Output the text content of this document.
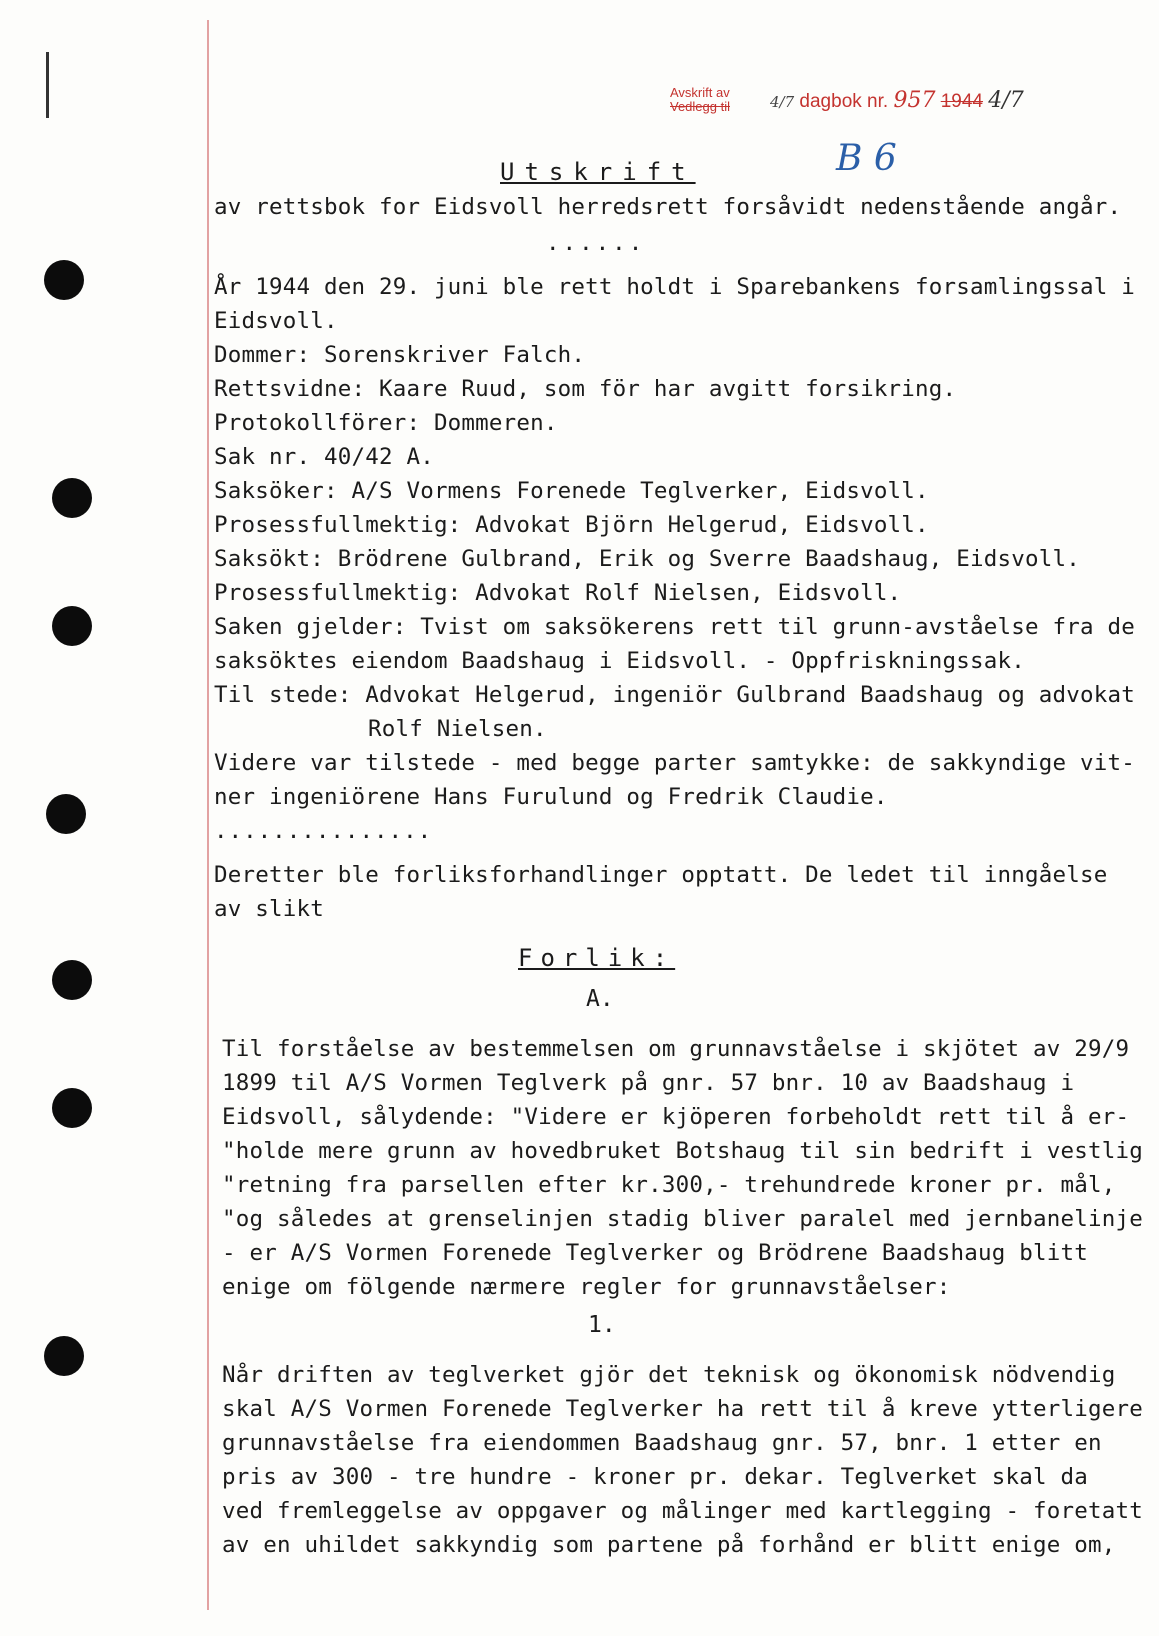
Avskrift av
Vedlegg til	4/7 dagbok nr. 957 1944 4/7
B 6
Utskrift
av rettsbok for Eidsvoll herredsrett forsåvidt nedenstående angår.
......
År 1944 den 29. juni ble rett holdt i Sparebankens forsamlingssal i
Eidsvoll.
Dommer: Sorenskriver Falch.
Rettsvidne: Kaare Ruud, som för har avgitt forsikring.
Protokollförer: Dommeren.
Sak nr. 40/42 A.
Saksöker: A/S Vormens Forenede Teglverker, Eidsvoll.
Prosessfullmektig: Advokat Björn Helgerud, Eidsvoll.
Saksökt: Brödrene Gulbrand, Erik og Sverre Baadshaug, Eidsvoll.
Prosessfullmektig: Advokat Rolf Nielsen, Eidsvoll.
Saken gjelder: Tvist om saksökerens rett til grunn-avståelse fra de
saksöktes eiendom Baadshaug i Eidsvoll. - Oppfriskningssak.
Til stede: Advokat Helgerud, ingeniör Gulbrand Baadshaug og advokat
Rolf Nielsen.
Videre var tilstede - med begge parter samtykke: de sakkyndige vit-
ner ingeniörene Hans Furulund og Fredrik Claudie.
...............
Deretter ble forliksforhandlinger opptatt. De ledet til inngåelse
av slikt
Forlik:
A.
Til forståelse av bestemmelsen om grunnavståelse i skjötet av 29/9
1899 til A/S Vormen Teglverk på gnr. 57 bnr. 10 av Baadshaug i
Eidsvoll, sålydende: "Videre er kjöperen forbeholdt rett til å er-
"holde mere grunn av hovedbruket Botshaug til sin bedrift i vestlig
"retning fra parsellen efter kr.300,- trehundrede kroner pr. mål,
"og således at grenselinjen stadig bliver paralel med jernbanelinje
- er A/S Vormen Forenede Teglverker og Brödrene Baadshaug blitt
enige om fölgende nærmere regler for grunnavståelser:
1.
Når driften av teglverket gjör det teknisk og ökonomisk nödvendig
skal A/S Vormen Forenede Teglverker ha rett til å kreve ytterligere
grunnavståelse fra eiendommen Baadshaug gnr. 57, bnr. 1 etter en
pris av 300 - tre hundre - kroner pr. dekar. Teglverket skal da
ved fremleggelse av oppgaver og målinger med kartlegging - foretatt
av en uhildet sakkyndig som partene på forhånd er blitt enige om,
